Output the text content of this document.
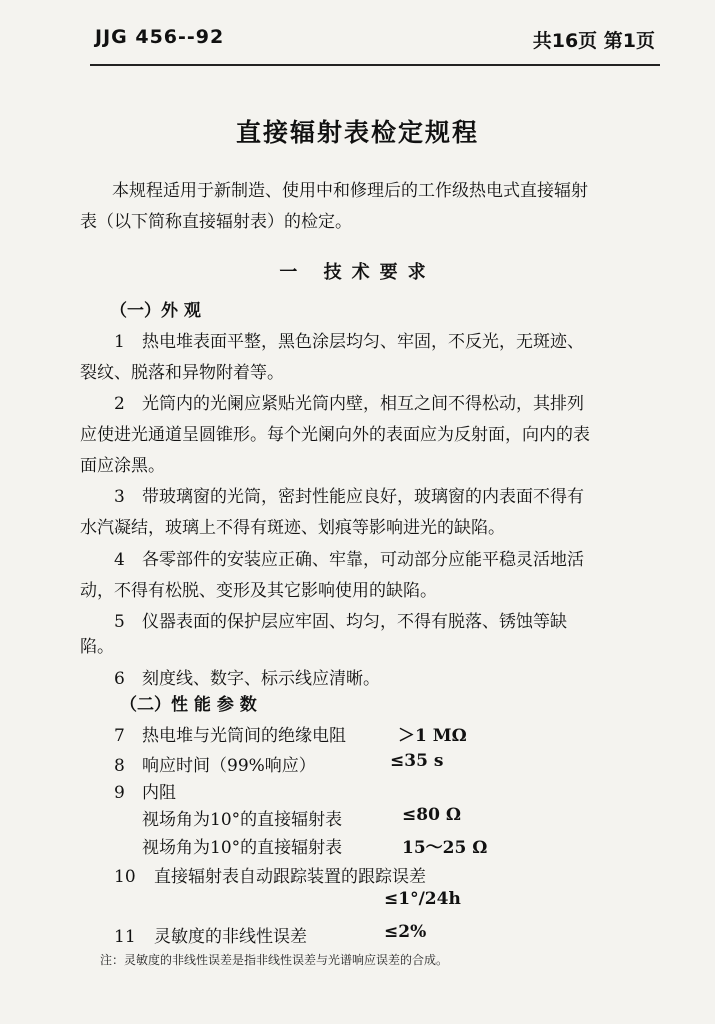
JJG 456--92	共16页 第1页
直接辐射表检定规程
本规程适用于新制造、使用中和修理后的工作级热电式直接辐射
表（以下简称直接辐射表）的检定。
一 技术要求
（一）外 观
1 热电堆表面平整，黑色涂层均匀、牢固，不反光，无斑迹、
裂纹、脱落和异物附着等。
2 光筒内的光阑应紧贴光筒内壁，相互之间不得松动，其排列
应使进光通道呈圆锥形。每个光阑向外的表面应为反射面，向内的表
面应涂黑。
3 带玻璃窗的光筒，密封性能应良好，玻璃窗的内表面不得有
水汽凝结，玻璃上不得有斑迹、划痕等影响进光的缺陷。
4 各零部件的安装应正确、牢靠，可动部分应能平稳灵活地活
动，不得有松脱、变形及其它影响使用的缺陷。
5 仪器表面的保护层应牢固、均匀，不得有脱落、锈蚀等缺
陷。
6 刻度线、数字、标示线应清晰。
（二）性 能 参 数
7 热电堆与光筒间的绝缘电阻	＞1 MΩ
8 响应时间（99%响应）	≤35 s
9 内阻
视场角为10°的直接辐射表	≤80 Ω
视场角为10°的直接辐射表	15～25 Ω
10 直接辐射表自动跟踪装置的跟踪误差
≤1°/24h
11 灵敏度的非线性误差	≤2%
注：灵敏度的非线性误差是指非线性误差与光谱响应误差的合成。
